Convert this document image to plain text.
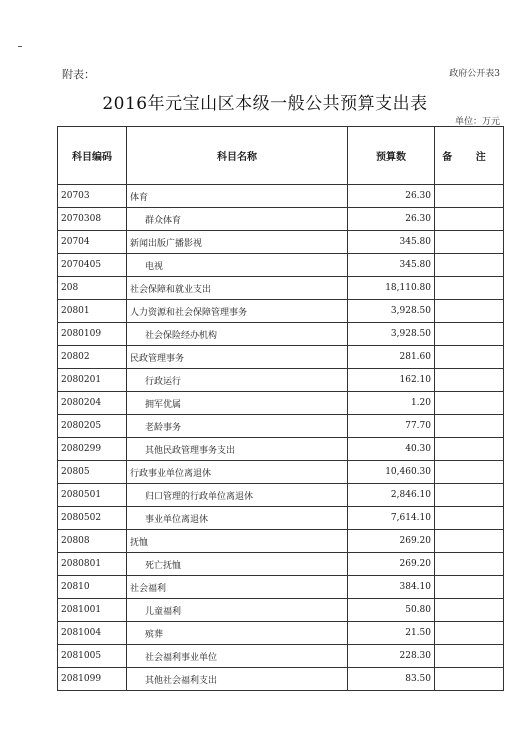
附表：	政府公开表3
2016年元宝山区本级一般公共预算支出表
单位：万元
科目编码	科目名称	预算数	备 注
20703	体育	26.30	
2070308	群众体育	26.30	
20704	新闻出版广播影视	345.80	
2070405	电视	345.80	
208	社会保障和就业支出	18,110.80	
20801	人力资源和社会保障管理事务	3,928.50	
2080109	社会保险经办机构	3,928.50	
20802	民政管理事务	281.60	
2080201	行政运行	162.10	
2080204	拥军优属	1.20	
2080205	老龄事务	77.70	
2080299	其他民政管理事务支出	40.30	
20805	行政事业单位离退休	10,460.30	
2080501	归口管理的行政单位离退休	2,846.10	
2080502	事业单位离退休	7,614.10	
20808	抚恤	269.20	
2080801	死亡抚恤	269.20	
20810	社会福利	384.10	
2081001	儿童福利	50.80	
2081004	殡葬	21.50	
2081005	社会福利事业单位	228.30	
2081099	其他社会福利支出	83.50	
